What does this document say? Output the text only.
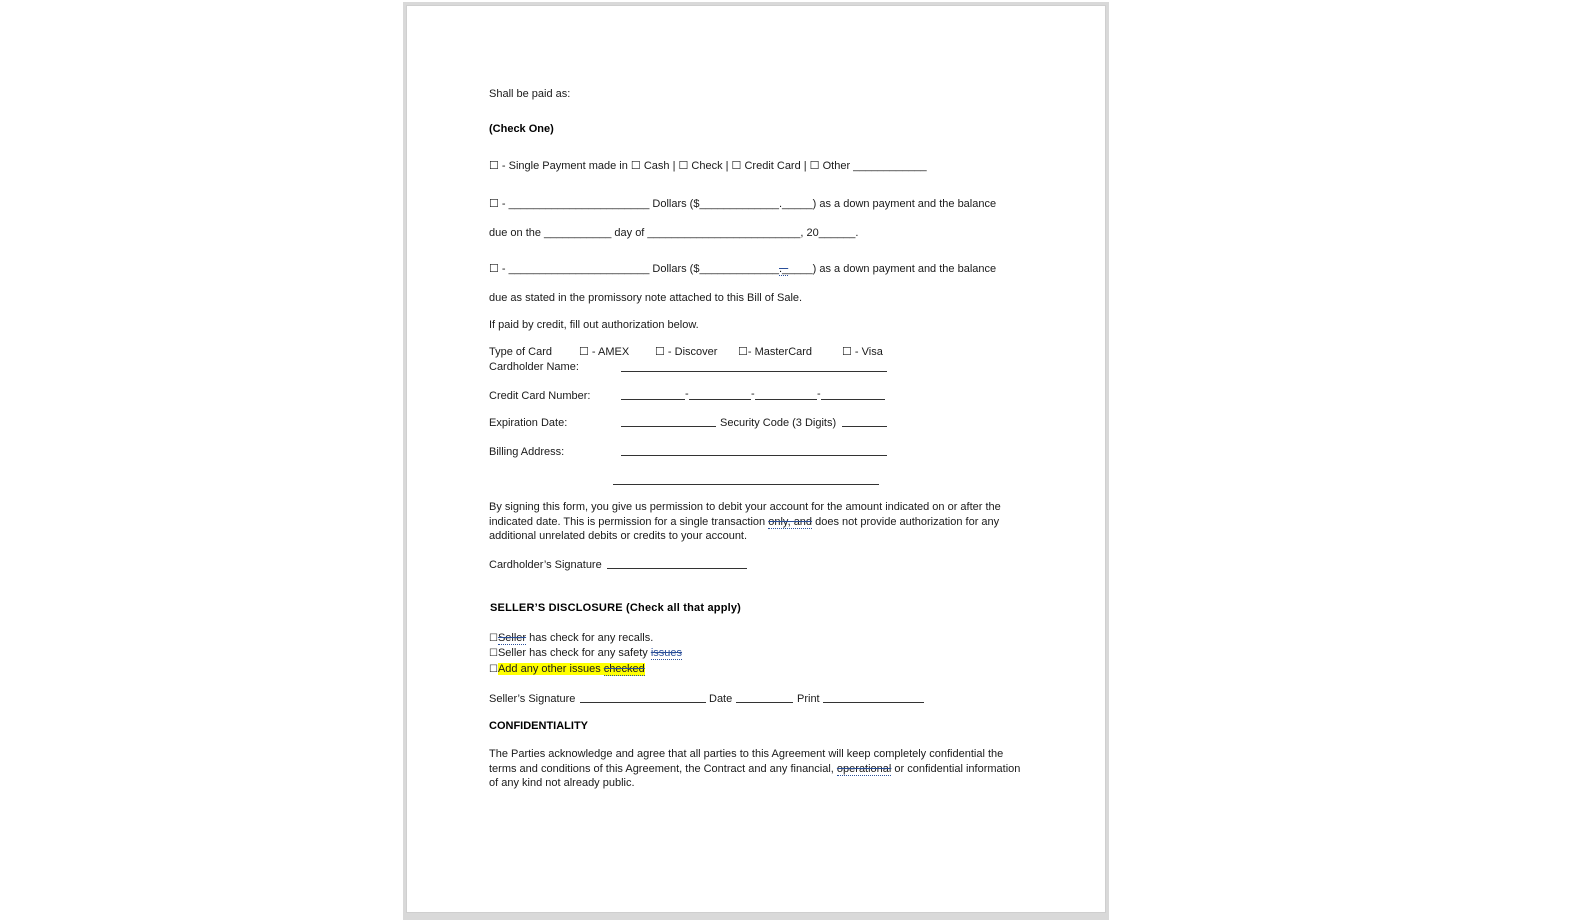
Shall be paid as:
(Check One)
☐ - Single Payment made in ☐ Cash | ☐ Check | ☐ Credit Card | ☐ Other ____________
☐ - _______________________ Dollars ($_____________._____) as a down payment and the balance
due on the ___________ day of _________________________, 20______.
☐ - _______________________ Dollars ($_____________._____) as a down payment and the balance
due as stated in the promissory note attached to this Bill of Sale.
If paid by credit, fill out authorization below.
Type of Card ☐ - AMEX ☐ - Discover ☐- MasterCard	☐ - Visa
Cardholder Name:
Credit Card Number:	-	-	-
Expiration Date:	Security Code (3 Digits)
Billing Address:
By signing this form, you give us permission to debit your account for the amount indicated on or after the indicated date. This is permission for a single transaction only, and does not provide authorization for any additional unrelated debits or credits to your account.
Cardholder’s Signature
SELLER’S DISCLOSURE (Check all that apply)
☐Seller has check for any recalls.
☐Seller has check for any safety issues
☐Add any other issues checked
Seller’s Signature	Date	Print
CONFIDENTIALITY
The Parties acknowledge and agree that all parties to this Agreement will keep completely confidential the terms and conditions of this Agreement, the Contract and any financial, operational or confidential information of any kind not already public.
